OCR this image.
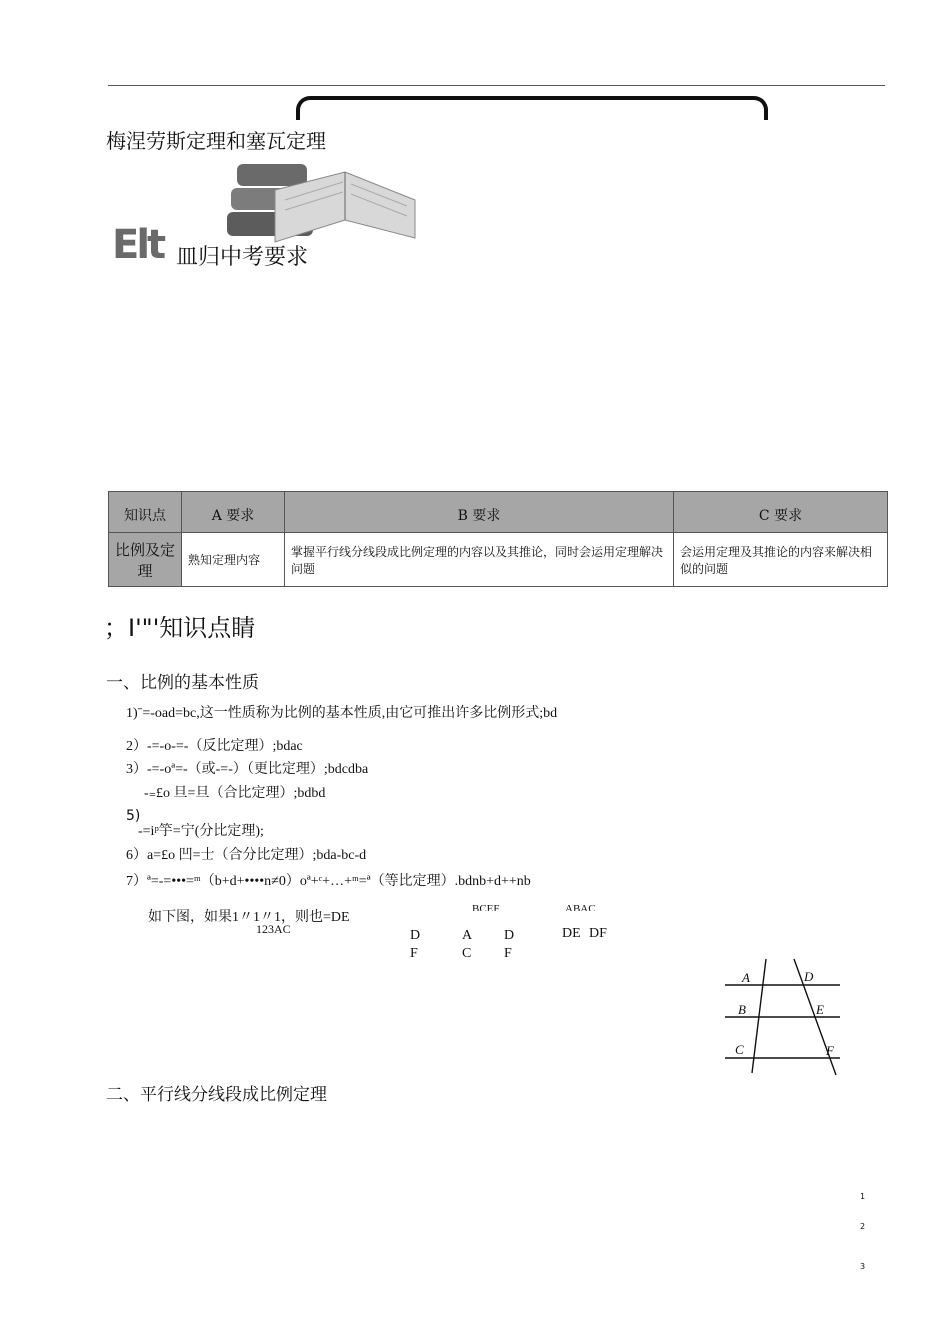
梅涅劳斯定理和塞瓦定理
Elt 皿归中考要求
知识点	A 要求	B 要求	C 要求
比例及定理	熟知定理内容	掌握平行线分线段成比例定理的内容以及其推论，同时会运用定理解决问题	会运用定理及其推论的内容来解决相似的问题
；I'"'知识点睛
一、比例的基本性质
1)ˉ=-oad=bc,这一性质称为比例的基本性质,由它可推出许多比例形式;bd
2）-=-o-=-（反比定理）;bdac
3）-=-oª=-（或-=-）（更比定理）;bdcdba
-₌£o 旦=旦（合比定理）;bdbd
5)
-=iᵖ竽=宁(分比定理);
6）a=£o 凹=士（合分比定理）;bda-bc-d
7）ª=-=•••=ᵐ（b+d+••••n≠0）oª+ᶜ+…+ᵐ=ª（等比定理）.bdnb+d++nb
如下图，如果1〃1〃1，则也=DE
123AC
BCEF	ABAC
D	A D	DE DF
F	C F
A	D
B	E
C	F
二、平行线分线段成比例定理
1
2
3
